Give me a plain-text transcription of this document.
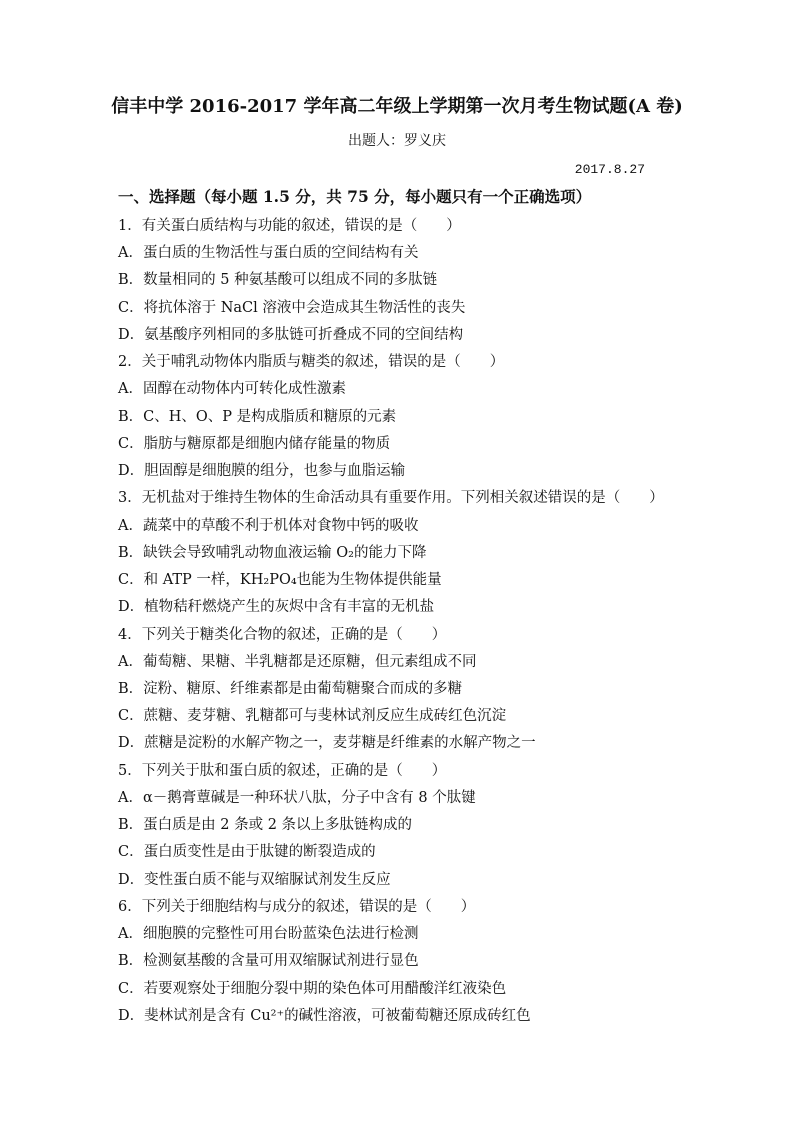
信丰中学 2016-2017 学年高二年级上学期第一次月考生物试题(A 卷)
出题人：罗义庆
2017.8.27
一、选择题（每小题 1.5 分，共 75 分，每小题只有一个正确选项）
1．有关蛋白质结构与功能的叙述，错误的是（　　）
A．蛋白质的生物活性与蛋白质的空间结构有关
B．数量相同的 5 种氨基酸可以组成不同的多肽链
C．将抗体溶于 NaCl 溶液中会造成其生物活性的丧失
D．氨基酸序列相同的多肽链可折叠成不同的空间结构
2．关于哺乳动物体内脂质与糖类的叙述，错误的是（　　）
A．固醇在动物体内可转化成性激素
B．C、H、O、P 是构成脂质和糖原的元素
C．脂肪与糖原都是细胞内储存能量的物质
D．胆固醇是细胞膜的组分，也参与血脂运输
3．无机盐对于维持生物体的生命活动具有重要作用。下列相关叙述错误的是（　　）
A．蔬菜中的草酸不利于机体对食物中钙的吸收
B．缺铁会导致哺乳动物血液运输 O₂的能力下降
C．和 ATP 一样，KH₂PO₄也能为生物体提供能量
D．植物秸秆燃烧产生的灰烬中含有丰富的无机盐
4．下列关于糖类化合物的叙述，正确的是（　　）
A．葡萄糖、果糖、半乳糖都是还原糖，但元素组成不同
B．淀粉、糖原、纤维素都是由葡萄糖聚合而成的多糖
C．蔗糖、麦芽糖、乳糖都可与斐林试剂反应生成砖红色沉淀
D．蔗糖是淀粉的水解产物之一，麦芽糖是纤维素的水解产物之一
5．下列关于肽和蛋白质的叙述，正确的是（　　）
A．α－鹅膏蕈碱是一种环状八肽，分子中含有 8 个肽键
B．蛋白质是由 2 条或 2 条以上多肽链构成的
C．蛋白质变性是由于肽键的断裂造成的
D．变性蛋白质不能与双缩脲试剂发生反应
6．下列关于细胞结构与成分的叙述，错误的是（　　）
A．细胞膜的完整性可用台盼蓝染色法进行检测
B．检测氨基酸的含量可用双缩脲试剂进行显色
C．若要观察处于细胞分裂中期的染色体可用醋酸洋红液染色
D．斐林试剂是含有 Cu²⁺的碱性溶液，可被葡萄糖还原成砖红色
